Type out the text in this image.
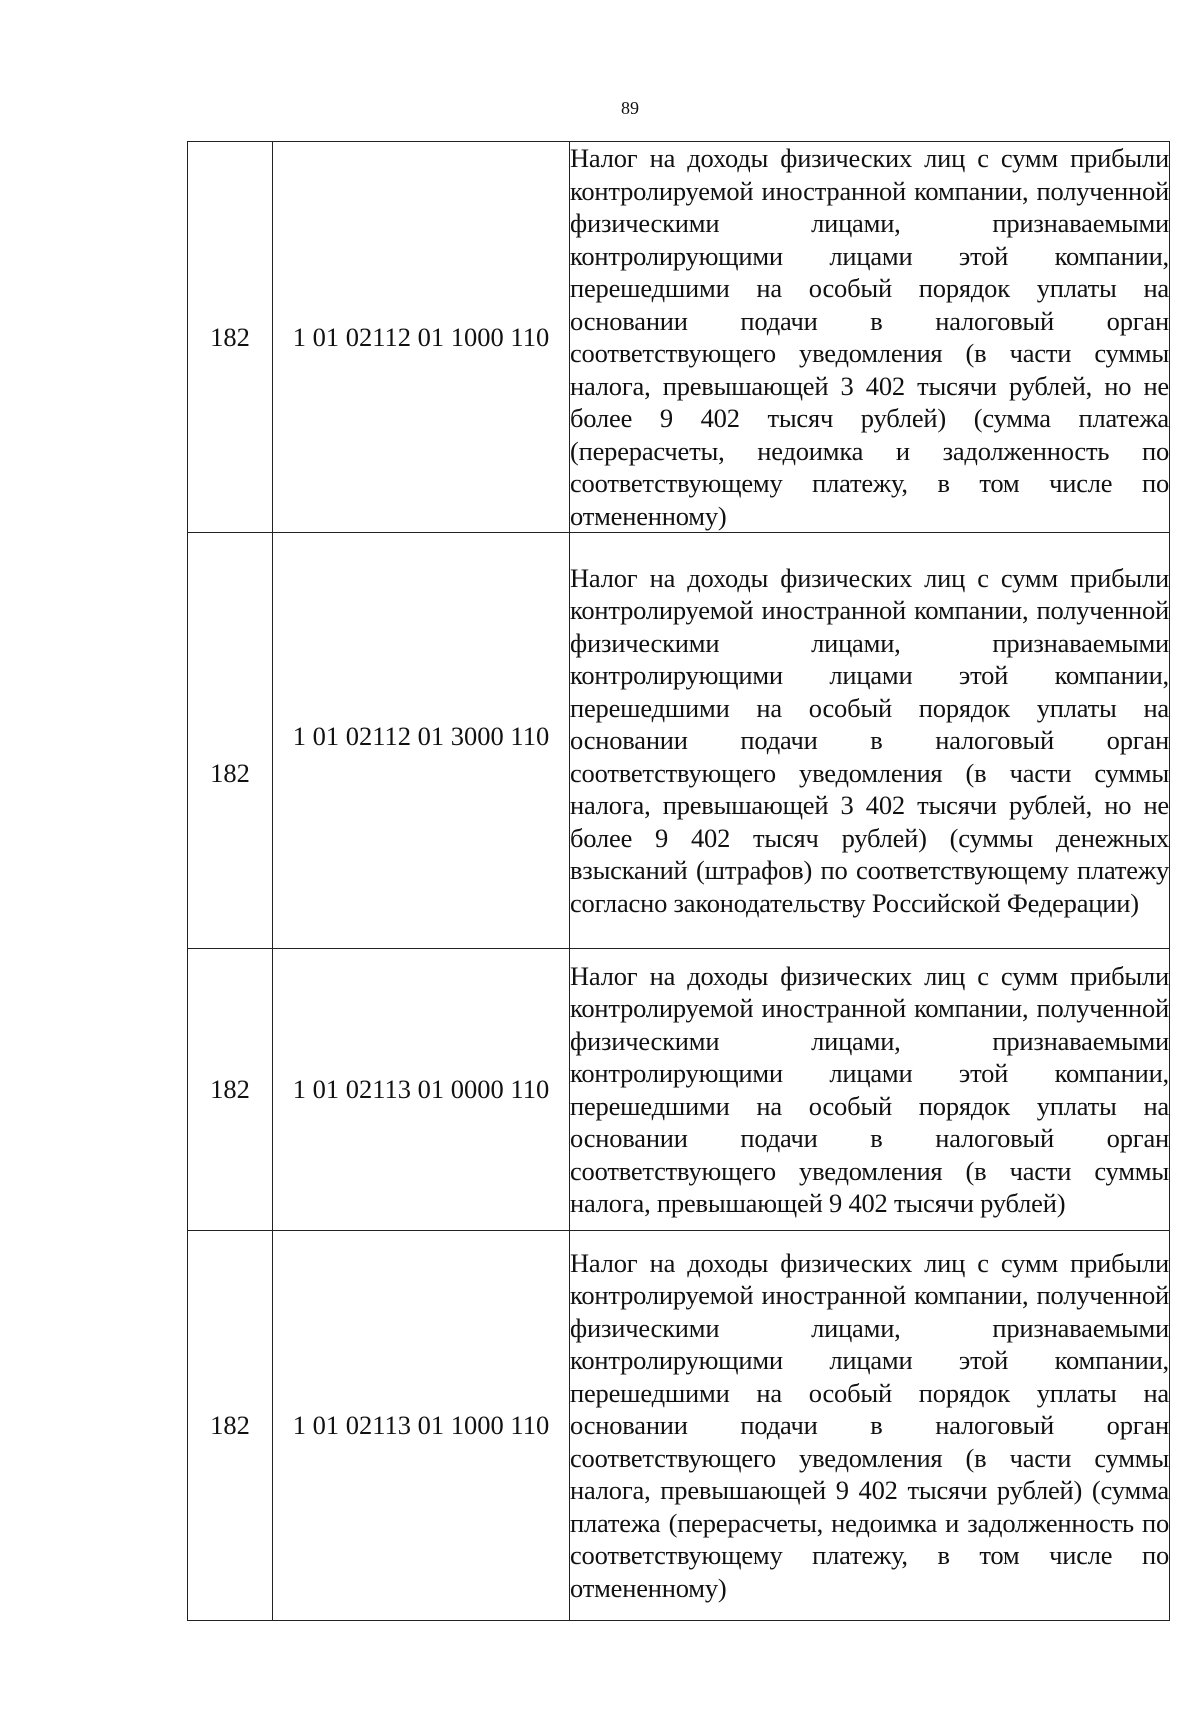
89
182	1 01 02112 01 1000 110	Налог на доходы физических лиц с сумм прибыли контролируемой иностранной компании, полученной физическими лицами, признаваемыми контролирующими лицами этой компании, перешедшими на особый порядок уплаты на основании подачи в налоговый орган соответствующего уведомления (в части суммы налога, превышающей 3 402 тысячи рублей, но не более 9 402 тысяч рублей) (сумма платежа (перерасчеты, недоимка и задолженность по соответствующему платежу, в том числе по отмененному)
182	1 01 02112 01 3000 110	Налог на доходы физических лиц с сумм прибыли контролируемой иностранной компании, полученной физическими лицами, признаваемыми контролирующими лицами этой компании, перешедшими на особый порядок уплаты на основании подачи в налоговый орган соответствующего уведомления (в части суммы налога, превышающей 3 402 тысячи рублей, но не более 9 402 тысяч рублей) (суммы денежных взысканий (штрафов) по соответствующему платежу согласно законодательству Российской Федерации)
182	1 01 02113 01 0000 110	Налог на доходы физических лиц с сумм прибыли контролируемой иностранной компании, полученной физическими лицами, признаваемыми контролирующими лицами этой компании, перешедшими на особый порядок уплаты на основании подачи в налоговый орган соответствующего уведомления (в части суммы налога, превышающей 9 402 тысячи рублей)
182	1 01 02113 01 1000 110	Налог на доходы физических лиц с сумм прибыли контролируемой иностранной компании, полученной физическими лицами, признаваемыми контролирующими лицами этой компании, перешедшими на особый порядок уплаты на основании подачи в налоговый орган соответствующего уведомления (в части суммы налога, превышающей 9 402 тысячи рублей) (сумма платежа (перерасчеты, недоимка и задолженность по соответствующему платежу, в том числе по отмененному)
